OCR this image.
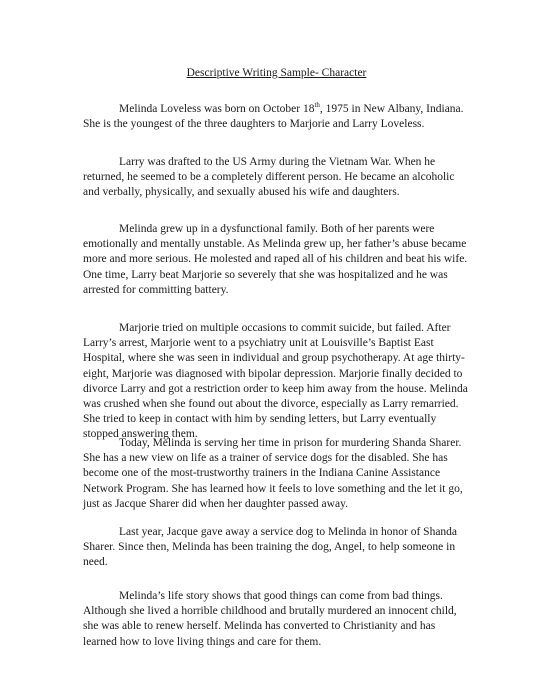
Descriptive Writing Sample- Character

Melinda Loveless was born on October 18th, 1975 in New Albany, Indiana. She is the youngest of the three daughters to Marjorie and Larry Loveless.

Larry was drafted to the US Army during the Vietnam War. When he returned, he seemed to be a completely different person. He became an alcoholic and verbally, physically, and sexually abused his wife and daughters.

Melinda grew up in a dysfunctional family. Both of her parents were emotionally and mentally unstable. As Melinda grew up, her father’s abuse became more and more serious. He molested and raped all of his children and beat his wife. One time, Larry beat Marjorie so severely that she was hospitalized and he was arrested for committing battery.

Marjorie tried on multiple occasions to commit suicide, but failed. After Larry’s arrest, Marjorie went to a psychiatry unit at Louisville’s Baptist East Hospital, where she was seen in individual and group psychotherapy. At age thirty-eight, Marjorie was diagnosed with bipolar depression. Marjorie finally decided to divorce Larry and got a restriction order to keep him away from the house. Melinda was crushed when she found out about the divorce, especially as Larry remarried. She tried to keep in contact with him by sending letters, but Larry eventually stopped answering them.

Today, Melinda is serving her time in prison for murdering Shanda Sharer. She has a new view on life as a trainer of service dogs for the disabled. She has become one of the most-trustworthy trainers in the Indiana Canine Assistance Network Program. She has learned how it feels to love something and the let it go, just as Jacque Sharer did when her daughter passed away.

Last year, Jacque gave away a service dog to Melinda in honor of Shanda Sharer. Since then, Melinda has been training the dog, Angel, to help someone in need.

Melinda’s life story shows that good things can come from bad things. Although she lived a horrible childhood and brutally murdered an innocent child, she was able to renew herself. Melinda has converted to Christianity and has learned how to love living things and care for them.
